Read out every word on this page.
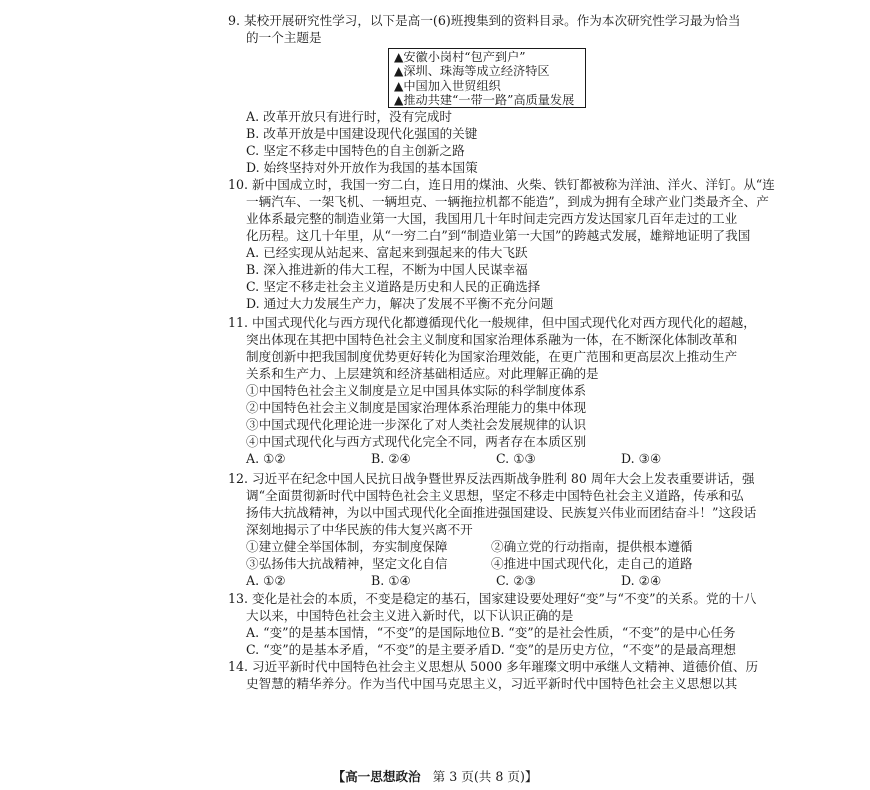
9. 某校开展研究性学习，以下是高一(6)班搜集到的资料目录。作为本次研究性学习最为恰当
的一个主题是
▲安徽小岗村“包产到户”
▲深圳、珠海等成立经济特区
▲中国加入世贸组织
▲推动共建“一带一路”高质量发展
A. 改革开放只有进行时，没有完成时
B. 改革开放是中国建设现代化强国的关键
C. 坚定不移走中国特色的自主创新之路
D. 始终坚持对外开放作为我国的基本国策
10. 新中国成立时，我国一穷二白，连日用的煤油、火柴、铁钉都被称为洋油、洋火、洋钉。从“连
一辆汽车、一架飞机、一辆坦克、一辆拖拉机都不能造”，到成为拥有全球产业门类最齐全、产
业体系最完整的制造业第一大国，我国用几十年时间走完西方发达国家几百年走过的工业
化历程。这几十年里，从“一穷二白”到“制造业第一大国”的跨越式发展，雄辩地证明了我国
A. 已经实现从站起来、富起来到强起来的伟大飞跃
B. 深入推进新的伟大工程，不断为中国人民谋幸福
C. 坚定不移走社会主义道路是历史和人民的正确选择
D. 通过大力发展生产力，解决了发展不平衡不充分问题
11. 中国式现代化与西方现代化都遵循现代化一般规律，但中国式现代化对西方现代化的超越，
突出体现在其把中国特色社会主义制度和国家治理体系融为一体，在不断深化体制改革和
制度创新中把我国制度优势更好转化为国家治理效能，在更广范围和更高层次上推动生产
关系和生产力、上层建筑和经济基础相适应。对此理解正确的是
①中国特色社会主义制度是立足中国具体实际的科学制度体系
②中国特色社会主义制度是国家治理体系治理能力的集中体现
③中国式现代化理论进一步深化了对人类社会发展规律的认识
④中国式现代化与西方式现代化完全不同，两者存在本质区别
A. ①②	B. ②④	C. ①③	D. ③④
12. 习近平在纪念中国人民抗日战争暨世界反法西斯战争胜利 80 周年大会上发表重要讲话，强
调“全面贯彻新时代中国特色社会主义思想，坚定不移走中国特色社会主义道路，传承和弘
扬伟大抗战精神，为以中国式现代化全面推进强国建设、民族复兴伟业而团结奋斗！”这段话
深刻地揭示了中华民族的伟大复兴离不开
①建立健全举国体制，夯实制度保障	②确立党的行动指南，提供根本遵循
③弘扬伟大抗战精神，坚定文化自信	④推进中国式现代化，走自己的道路
A. ①②	B. ①④	C. ②③	D. ②④
13. 变化是社会的本质，不变是稳定的基石，国家建设要处理好“变”与“不变”的关系。党的十八
大以来，中国特色社会主义进入新时代，以下认识正确的是
A. “变”的是基本国情，“不变”的是国际地位 B. “变”的是社会性质，“不变”的是中心任务
C. “变”的是基本矛盾，“不变”的是主要矛盾 D. “变”的是历史方位，“不变”的是最高理想
14. 习近平新时代中国特色社会主义思想从 5000 多年璀璨文明中承继人文精神、道德价值、历
史智慧的精华养分。作为当代中国马克思主义，习近平新时代中国特色社会主义思想以其
【高一思想政治 第 3 页(共 8 页)】
